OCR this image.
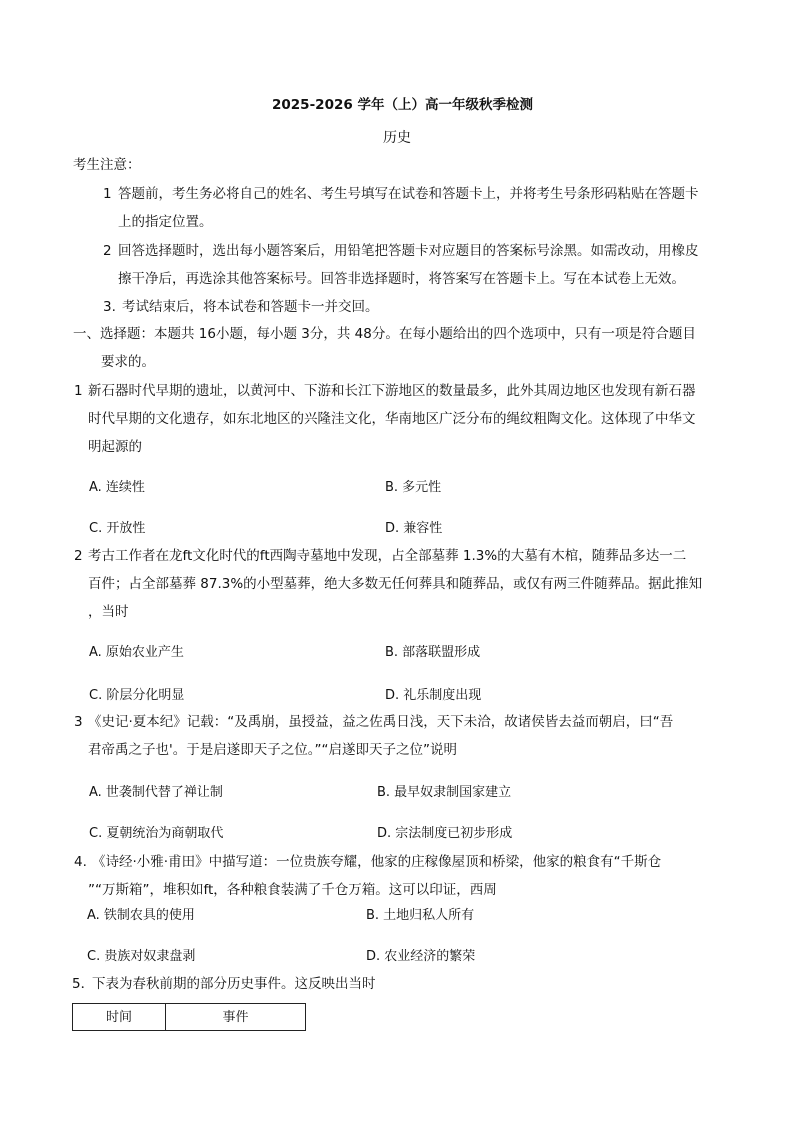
2025-2026 学年（上）高一年级秋季检测
历史
考生注意：
1 答题前，考生务必将自己的姓名、考生号填写在试卷和答题卡上，并将考生号条形码粘贴在答题卡
上的指定位置。
2 回答选择题时，选出每小题答案后，用铅笔把答题卡对应题目的答案标号涂黑。如需改动，用橡皮
擦干净后，再选涂其他答案标号。回答非选择题时，将答案写在答题卡上。写在本试卷上无效。
3. 考试结束后，将本试卷和答题卡一并交回。
一、选择题：本题共 16小题，每小题 3分，共 48分。在每小题给出的四个选项中，只有一项是符合题目
要求的。
1 新石器时代早期的遗址，以黄河中、下游和长江下游地区的数量最多，此外其周边地区也发现有新石器
时代早期的文化遗存，如东北地区的兴隆洼文化，华南地区广泛分布的绳纹粗陶文化。这体现了中华文
明起源的
A. 连续性	B. 多元性
C. 开放性	D. 兼容性
2 考古工作者在龙ft文化时代的ft西陶寺墓地中发现，占全部墓葬 1.3%的大墓有木棺，随葬品多达一二
百件；占全部墓葬 87.3%的小型墓葬，绝大多数无任何葬具和随葬品，或仅有两三件随葬品。据此推知
，当时
A. 原始农业产生	B. 部落联盟形成
C. 阶层分化明显	D. 礼乐制度出现
3 《史记·夏本纪》记载：“及禹崩，虽授益，益之佐禹日浅，天下未洽，故诸侯皆去益而朝启，曰“吾
君帝禹之子也'。于是启遂即天子之位。”“启遂即天子之位”说明
A. 世袭制代替了禅让制	B. 最早奴隶制国家建立
C. 夏朝统治为商朝取代	D. 宗法制度已初步形成
4. 《诗经·小雅·甫田》中描写道：一位贵族夸耀，他家的庄稼像屋顶和桥梁，他家的粮食有“千斯仓
”“万斯箱”，堆积如ft，各种粮食装满了千仓万箱。这可以印证，西周
A. 铁制农具的使用	B. 土地归私人所有
C. 贵族对奴隶盘剥	D. 农业经济的繁荣
5．
下表为春秋前期的部分历史事件。这反映出当时
时间	事件
